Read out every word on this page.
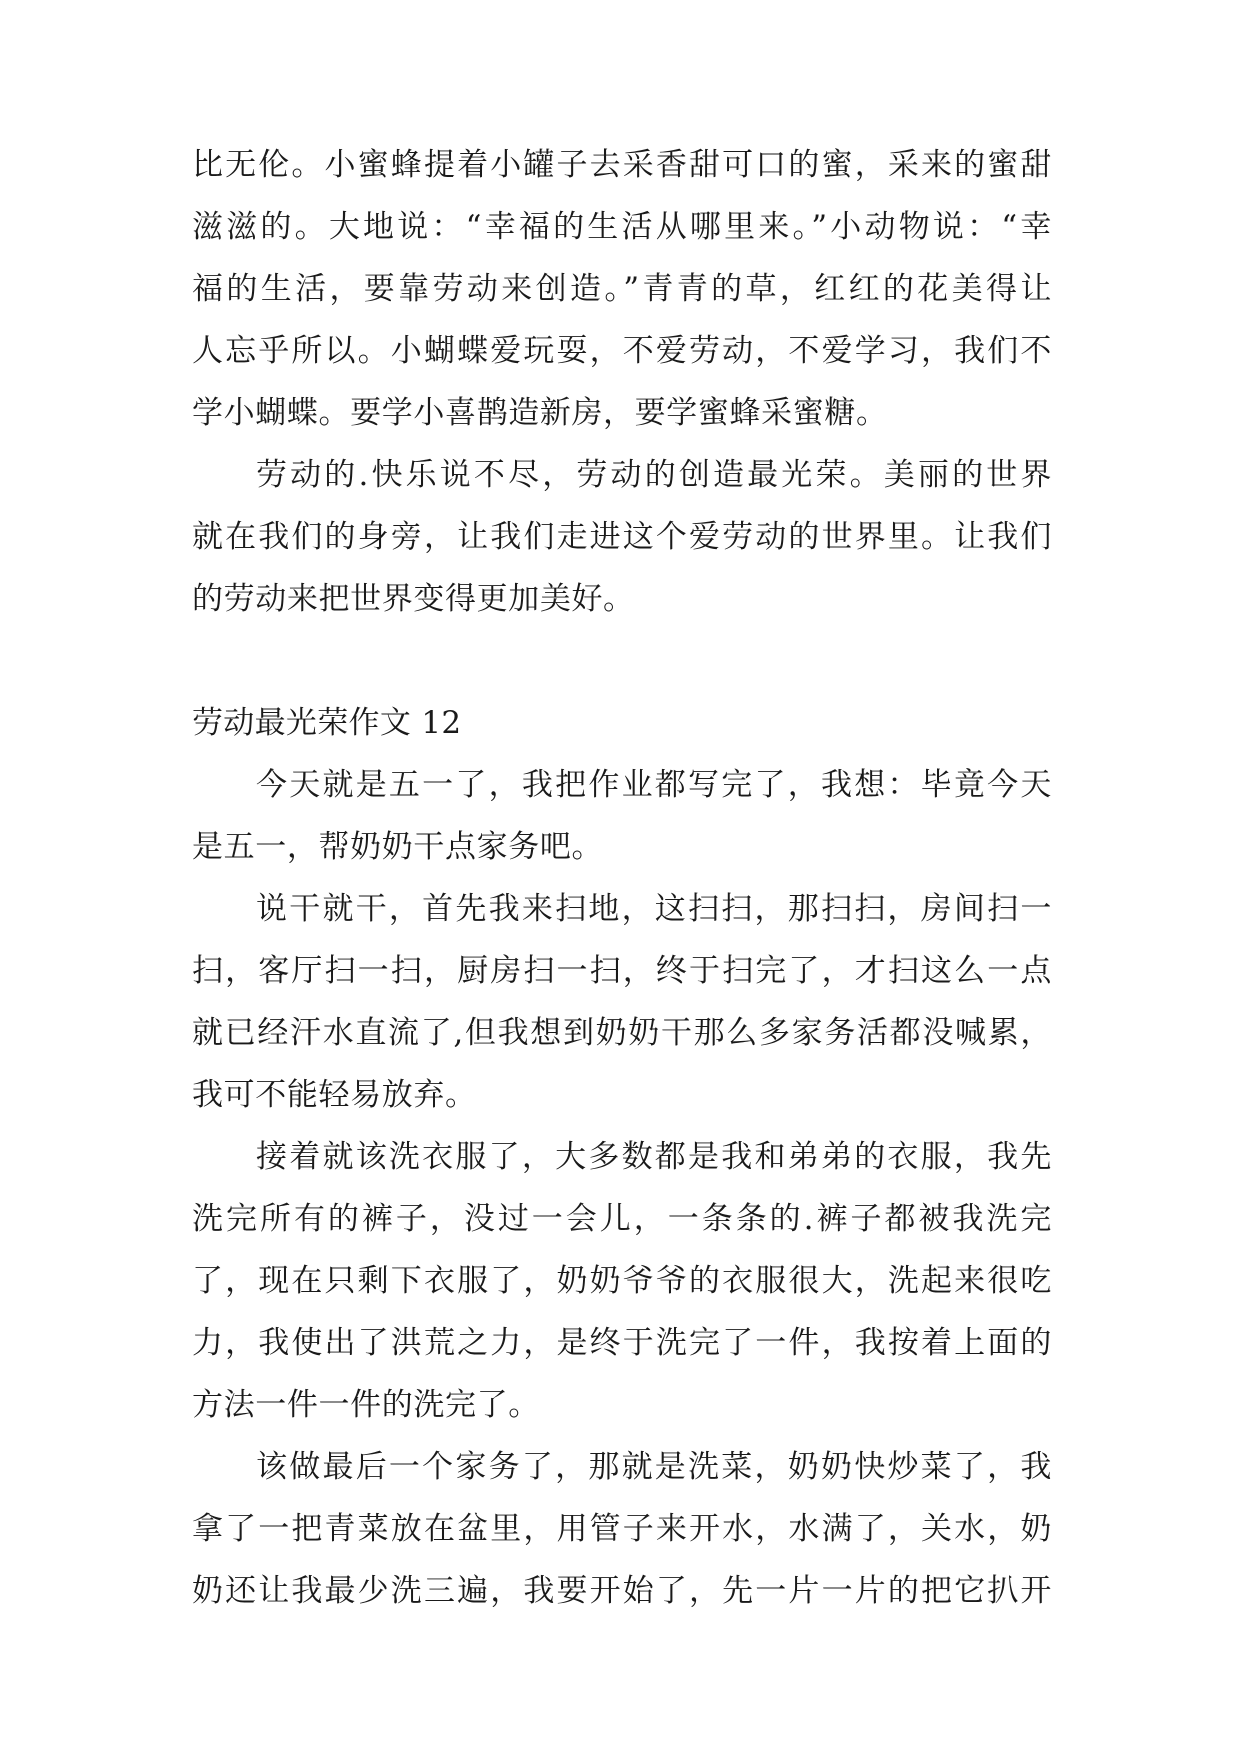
比无伦。小蜜蜂提着小罐子去采香甜可口的蜜，采来的蜜甜
滋滋的。大地说：“幸福的生活从哪里来。”小动物说：“幸
福的生活，要靠劳动来创造。”青青的草，红红的花美得让
人忘乎所以。小蝴蝶爱玩耍，不爱劳动，不爱学习，我们不
学小蝴蝶。要学小喜鹊造新房，要学蜜蜂采蜜糖。
劳动的.快乐说不尽，劳动的创造最光荣。美丽的世界
就在我们的身旁，让我们走进这个爱劳动的世界里。让我们
的劳动来把世界变得更加美好。
劳动最光荣作文 12
今天就是五一了，我把作业都写完了，我想：毕竟今天
是五一，帮奶奶干点家务吧。
说干就干，首先我来扫地，这扫扫，那扫扫，房间扫一
扫，客厅扫一扫，厨房扫一扫，终于扫完了，才扫这么一点
就已经汗水直流了,但我想到奶奶干那么多家务活都没喊累，
我可不能轻易放弃。
接着就该洗衣服了，大多数都是我和弟弟的衣服，我先
洗完所有的裤子，没过一会儿，一条条的.裤子都被我洗完
了，现在只剩下衣服了，奶奶爷爷的衣服很大，洗起来很吃
力，我使出了洪荒之力，是终于洗完了一件，我按着上面的
方法一件一件的洗完了。
该做最后一个家务了，那就是洗菜，奶奶快炒菜了，我
拿了一把青菜放在盆里，用管子来开水，水满了，关水，奶
奶还让我最少洗三遍，我要开始了，先一片一片的把它扒开
